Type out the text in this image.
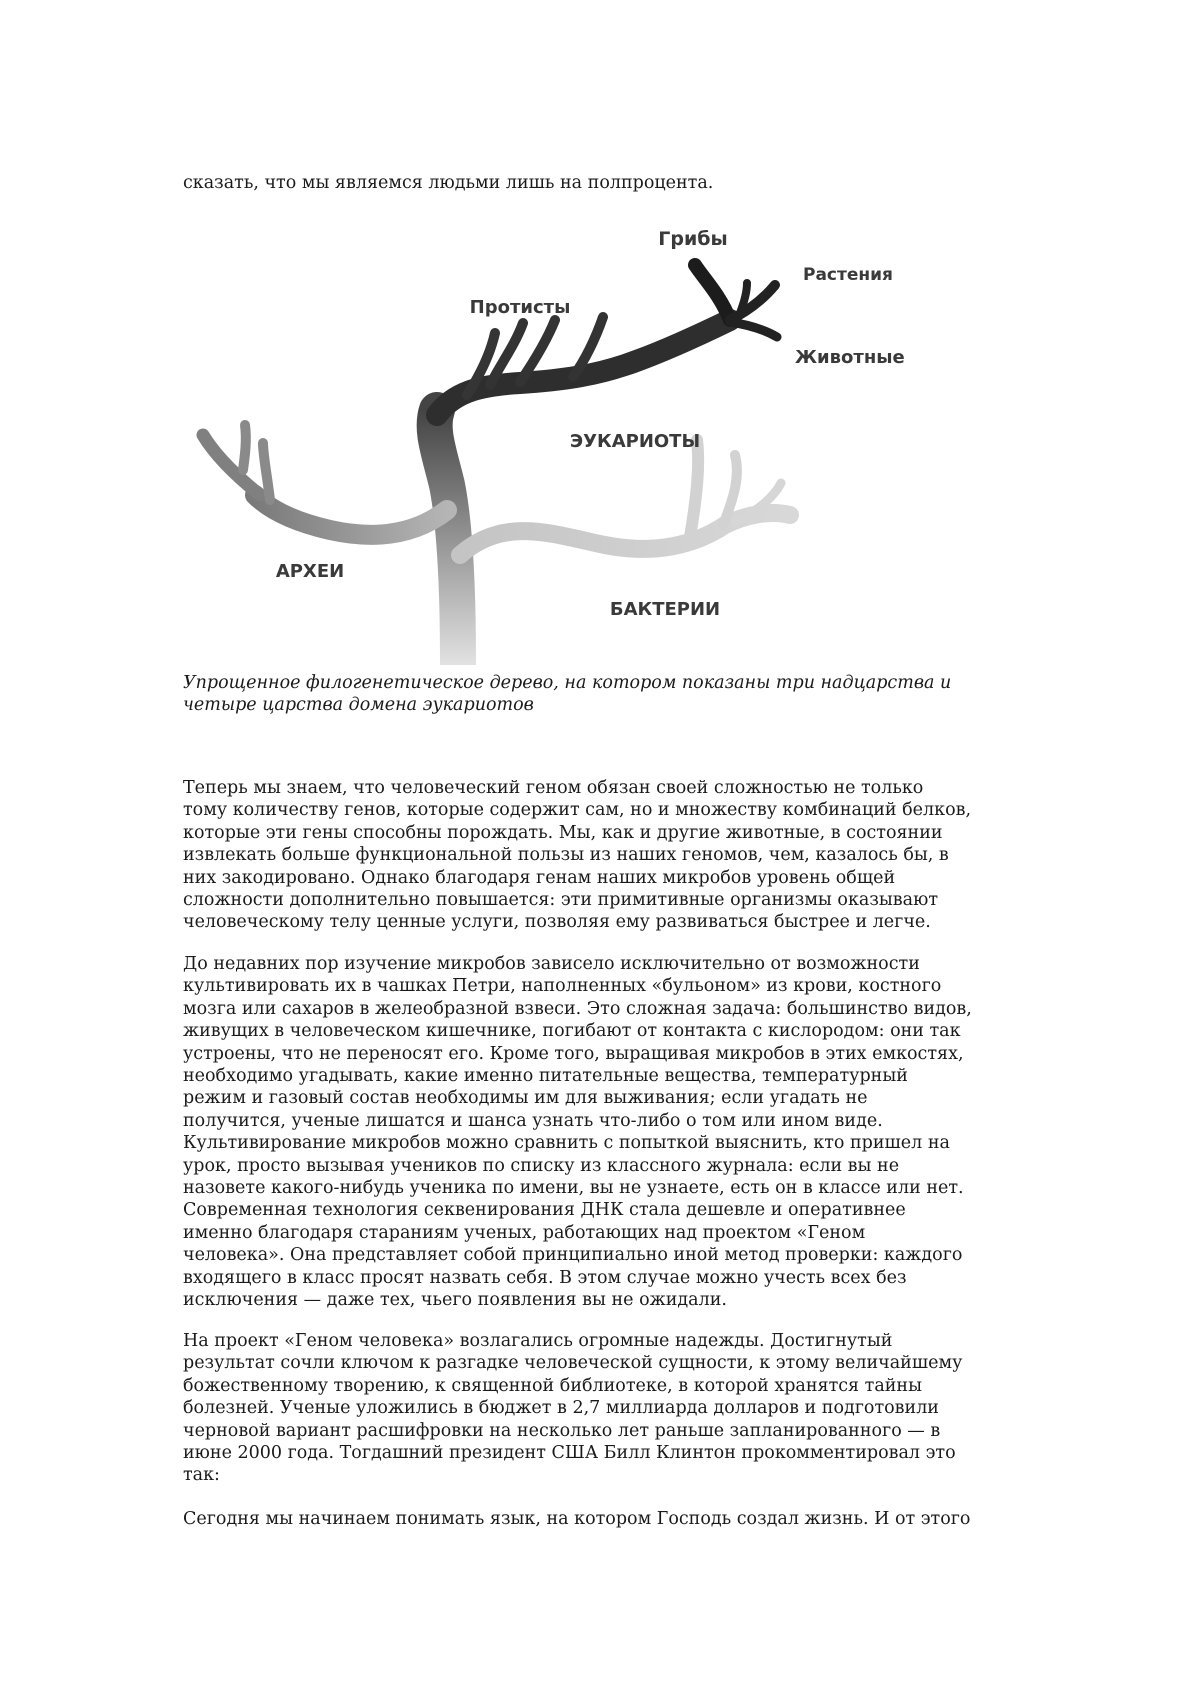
сказать, что мы являемся людьми лишь на полпроцента.

Грибы
Растения
Протисты
Животные
ЭУКАРИОТЫ
АРХЕИ
БАКТЕРИИ
Упрощенное филогенетическое дерево, на котором показаны три надцарства и
четыре царства домена эукариотов
Теперь мы знаем, что человеческий геном обязан своей сложностью не только
тому количеству генов, которые содержит сам, но и множеству комбинаций белков,
которые эти гены способны порождать. Мы, как и другие животные, в состоянии
извлекать больше функциональной пользы из наших геномов, чем, казалось бы, в
них закодировано. Однако благодаря генам наших микробов уровень общей
сложности дополнительно повышается: эти примитивные организмы оказывают
человеческому телу ценные услуги, позволяя ему развиваться быстрее и легче.
До недавних пор изучение микробов зависело исключительно от возможности
культивировать их в чашках Петри, наполненных «бульоном» из крови, костного
мозга или сахаров в желеобразной взвеси. Это сложная задача: большинство видов,
живущих в человеческом кишечнике, погибают от контакта с кислородом: они так
устроены, что не переносят его. Кроме того, выращивая микробов в этих емкостях,
необходимо угадывать, какие именно питательные вещества, температурный
режим и газовый состав необходимы им для выживания; если угадать не
получится, ученые лишатся и шанса узнать что-либо о том или ином виде.
Культивирование микробов можно сравнить с попыткой выяснить, кто пришел на
урок, просто вызывая учеников по списку из классного журнала: если вы не
назовете какого-нибудь ученика по имени, вы не узнаете, есть он в классе или нет.
Современная технология секвенирования ДНК стала дешевле и оперативнее
именно благодаря стараниям ученых, работающих над проектом «Геном
человека». Она представляет собой принципиально иной метод проверки: каждого
входящего в класс просят назвать себя. В этом случае можно учесть всех без
исключения — даже тех, чьего появления вы не ожидали.
На проект «Геном человека» возлагались огромные надежды. Достигнутый
результат сочли ключом к разгадке человеческой сущности, к этому величайшему
божественному творению, к священной библиотеке, в которой хранятся тайны
болезней. Ученые уложились в бюджет в 2,7 миллиарда долларов и подготовили
черновой вариант расшифровки на несколько лет раньше запланированного — в
июне 2000 года. Тогдашний президент США Билл Клинтон прокомментировал это
так:

Сегодня мы начинаем понимать язык, на котором Господь создал жизнь. И от этого
